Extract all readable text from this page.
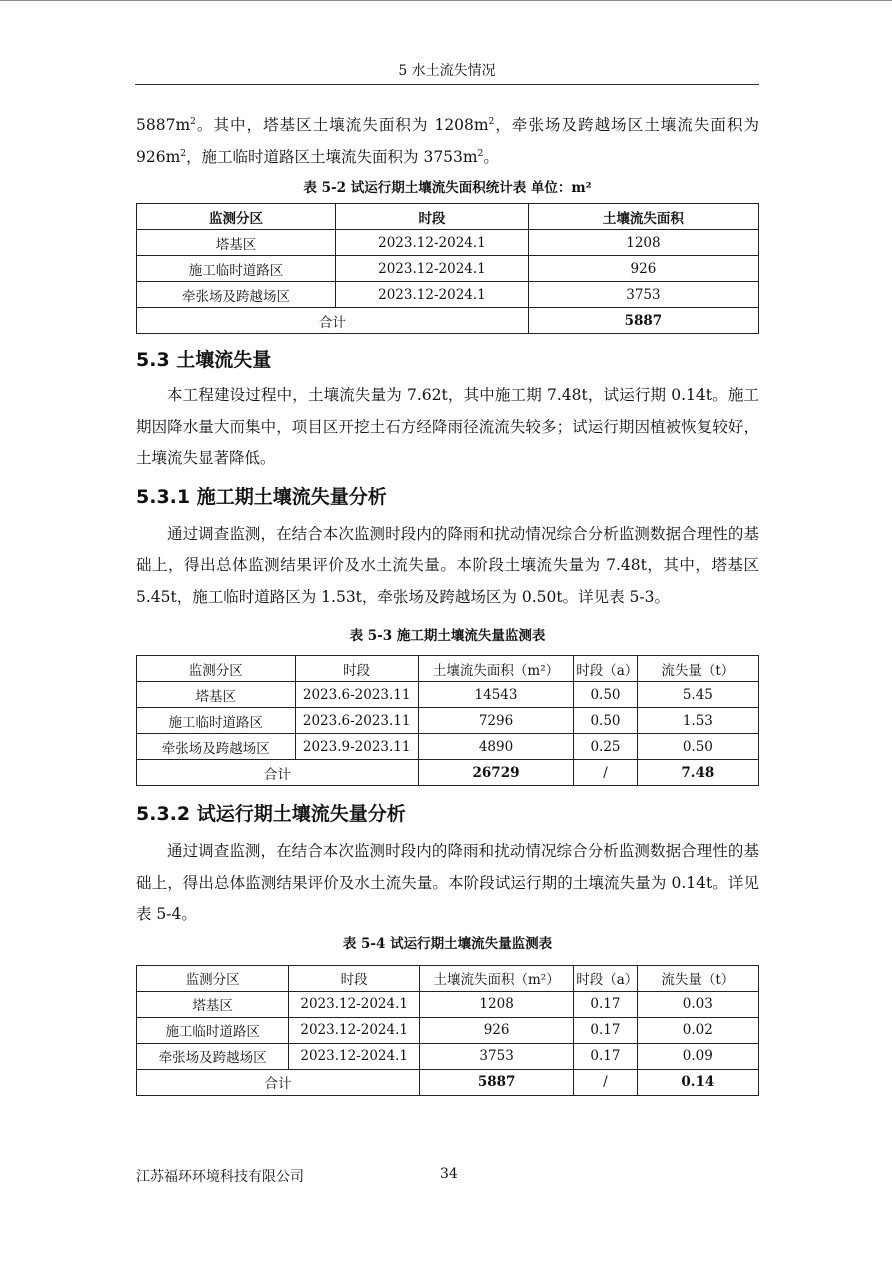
5 水土流失情况

$5887m^2$。其中，塔基区土壤流失面积为 $1208m^2$，牵张场及跨越场区土壤流失面积为 $926m^2$，施工临时道路区土壤流失面积为 $3753m^2$。

表 5-2 试运行期土壤流失面积统计表 单位：m²

监测分区	时段	土壤流失面积
塔基区	2023.12-2024.1	1208
施工临时道路区	2023.12-2024.1	926
牵张场及跨越场区	2023.12-2024.1	3753
合计		5887
5.3 土壤流失量

本工程建设过程中，土壤流失量为 7.62t，其中施工期 7.48t，试运行期 0.14t。施工期因降水量大而集中，项目区开挖土石方经降雨径流流失较多；试运行期因植被恢复较好，土壤流失显著降低。

5.3.1 施工期土壤流失量分析

通过调查监测，在结合本次监测时段内的降雨和扰动情况综合分析监测数据合理性的基础上，得出总体监测结果评价及水土流失量。本阶段土壤流失量为 7.48t，其中，塔基区 5.45t，施工临时道路区为 1.53t，牵张场及跨越场区为 0.50t。详见表 5-3。

表 5-3 施工期土壤流失量监测表

监测分区	时段	土壤流失面积（m²）	时段（a）	流失量（t）
塔基区	2023.6-2023.11	14543	0.50	5.45
施工临时道路区	2023.6-2023.11	7296	0.50	1.53
牵张场及跨越场区	2023.9-2023.11	4890	0.25	0.50
合计		26729	/	7.48
5.3.2 试运行期土壤流失量分析

通过调查监测，在结合本次监测时段内的降雨和扰动情况综合分析监测数据合理性的基础上，得出总体监测结果评价及水土流失量。本阶段试运行期的土壤流失量为 0.14t。详见表 5-4。

表 5-4 试运行期土壤流失量监测表

监测分区	时段	土壤流失面积（m²）	时段（a）	流失量（t）
塔基区	2023.12-2024.1	1208	0.17	0.03
施工临时道路区	2023.12-2024.1	926	0.17	0.02
牵张场及跨越场区	2023.12-2024.1	3753	0.17	0.09
合计		5887	/	0.14
江苏福环环境科技有限公司	34
